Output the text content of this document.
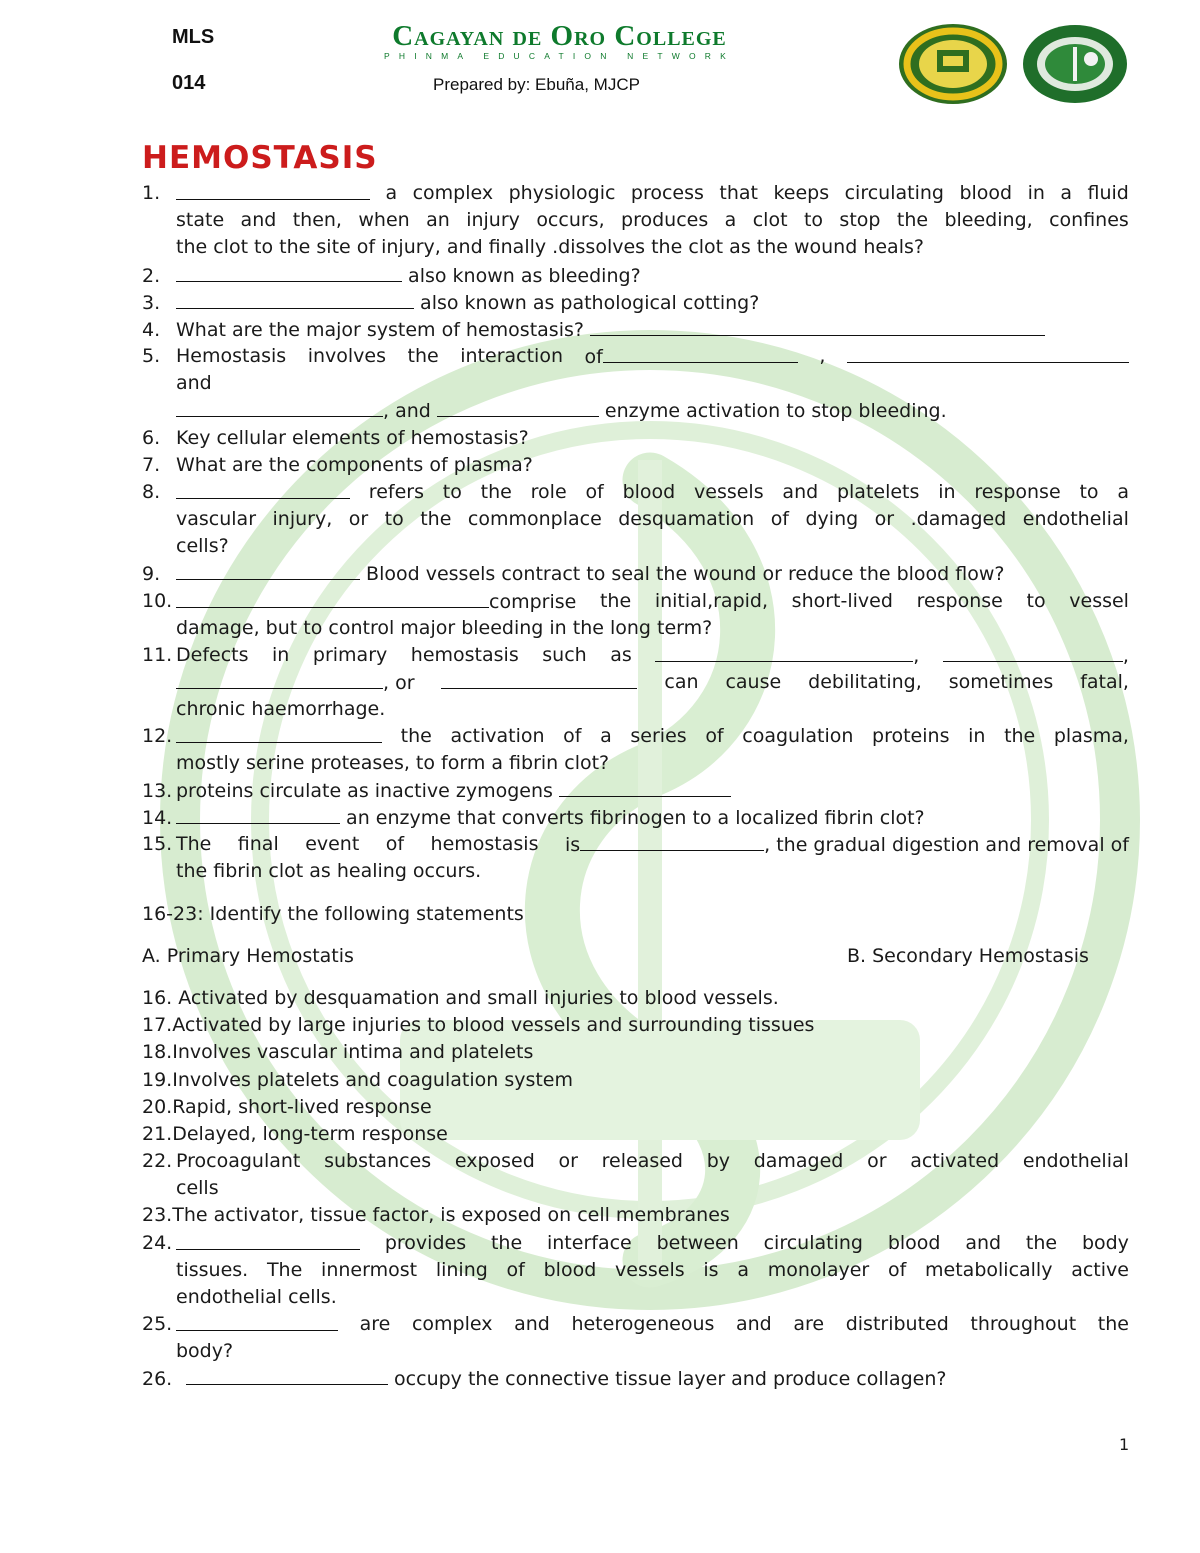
MLS
014
Cagayan de Oro College
PHINMA EDUCATION NETWORK
Prepared by: Ebuña, MJCP
HEMOSTASIS
1.	a complex physiologic process that keeps circulating blood in a fluid
state and then, when an injury occurs, produces a clot to stop the bleeding, confines
the clot to the site of injury, and finally .dissolves the clot as the wound heals?
2.	also known as bleeding?
3.	also known as pathological cotting?
4. What are the major system of hemostasis?
5. Hemostasis involves the interaction of	,
and
, and	enzyme activation to stop bleeding.
6. Key cellular elements of hemostasis?
7. What are the components of plasma?
8.	refers to the role of blood vessels and platelets in response to a
vascular injury, or to the commonplace desquamation of dying or .damaged endothelial
cells?
9.	Blood vessels contract to seal the wound or reduce the blood flow?
10.	comprise the initial,rapid, short-lived response to vessel
damage, but to control major bleeding in the long term?
11. Defects in primary hemostasis such as	,	,
, or	can cause debilitating, sometimes fatal,
chronic haemorrhage.
12.	the activation of a series of coagulation proteins in the plasma,
mostly serine proteases, to form a fibrin clot?
13. proteins circulate as inactive zymogens
14.	an enzyme that converts fibrinogen to a localized fibrin clot?
15. The final event of hemostasis is	, the gradual digestion and removal of
the fibrin clot as healing occurs.
16-23: Identify the following statements
A. Primary Hemostatis	B. Secondary Hemostasis
16. Activated by desquamation and small injuries to blood vessels.
17.Activated by large injuries to blood vessels and surrounding tissues
18.Involves vascular intima and platelets
19.Involves platelets and coagulation system
20.Rapid, short-lived response
21.Delayed, long-term response
22. Procoagulant substances exposed or released by damaged or activated endothelial
cells
23.The activator, tissue factor, is exposed on cell membranes
24.	provides the interface between circulating blood and the body
tissues. The innermost lining of blood vessels is a monolayer of metabolically active
endothelial cells.
25.	are complex and heterogeneous and are distributed throughout the
body?
26.	occupy the connective tissue layer and produce collagen?
1
